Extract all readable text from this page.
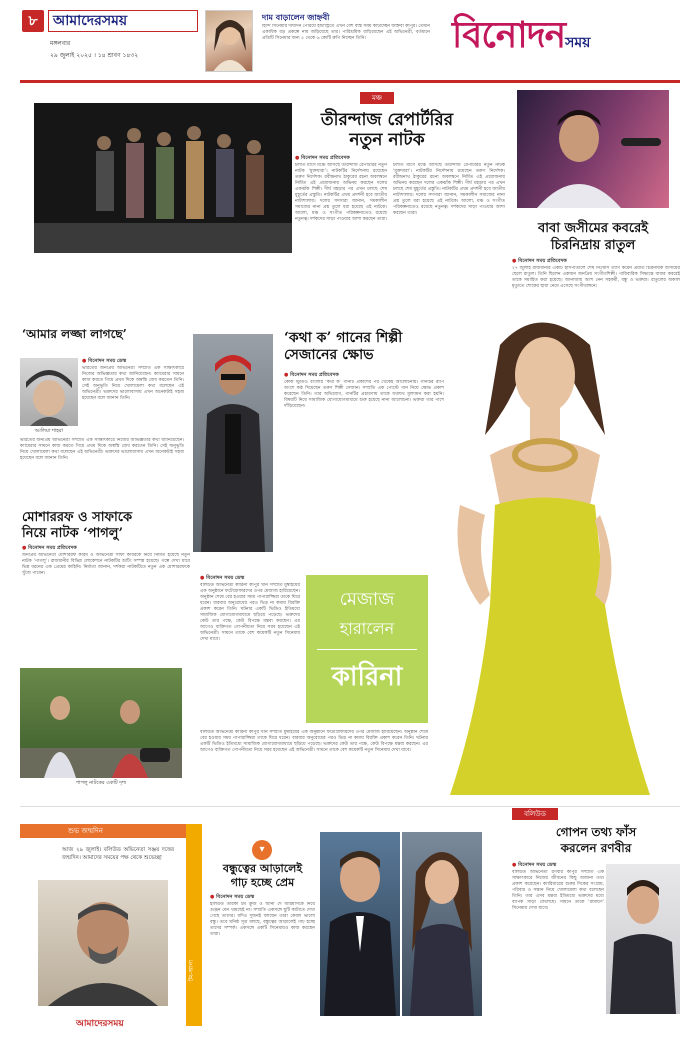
৮	আমাদেরসময়
মঙ্গলবার
২৯ জুলাই ২০২৫ । ১৪ শ্রাবণ ১৪৩২
দাম বাড়ালেন জাহ্নবী
হিন্দি সিনেমার দীর্ঘদিন পেরিয়ে ইন্ডাস্ট্রিতে এখন বেশ ব্যস্ত সময় কাটাচ্ছেন জাহ্নবী কাপুর। তেমনি একাধিক বড় প্রকল্পে নাম জড়িয়েছে তার। পারিশ্রমিক বাড়িয়েছেন এই অভিনেত্রী, বর্তমানে প্রতিটি সিনেমার জন্য ৫ থেকে ৬ কোটি রুপি নিচ্ছেন তিনি।	বিনোদনসময়
মঞ্চ
তীরন্দাজ রেপার্টরির
নতুন নাটক
● বিনোদন সময় প্রতিবেদক
চলতি মাসে মঞ্চে আসছে তীরন্দাজ রেপার্টরির নতুন নাটক ‘মুক্তধারা’। নাটকটির নির্দেশনায় রয়েছেন তরুণ নির্দেশক। রবীন্দ্রনাথ ঠাকুরের রচনা অবলম্বনে নির্মিত এই প্রযোজনায় অভিনয় করছেন দলের একঝাঁক শিল্পী। দীর্ঘ মহড়ার পর এখন চলছে শেষ মুহূর্তের প্রস্তুতি। নাটকটির প্রথম প্রদর্শনী হবে জাতীয় নাট্যশালায়। দলের সদস্যরা জানান, সমকালীন সমাজের নানা প্রশ্ন তুলে ধরা হয়েছে এই নাটকে। আলো, মঞ্চ ও সংগীত পরিকল্পনাতেও রয়েছে নতুনত্ব। দর্শকদের সাড়া পাওয়ার আশা করছেন তারা।
চলতি মাসে মঞ্চে আসছে তীরন্দাজ রেপার্টরির নতুন নাটক ‘মুক্তধারা’। নাটকটির নির্দেশনায় রয়েছেন তরুণ নির্দেশক। রবীন্দ্রনাথ ঠাকুরের রচনা অবলম্বনে নির্মিত এই প্রযোজনায় অভিনয় করছেন দলের একঝাঁক শিল্পী। দীর্ঘ মহড়ার পর এখন চলছে শেষ মুহূর্তের প্রস্তুতি। নাটকটির প্রথম প্রদর্শনী হবে জাতীয় নাট্যশালায়। দলের সদস্যরা জানান, সমকালীন সমাজের নানা প্রশ্ন তুলে ধরা হয়েছে এই নাটকে। আলো, মঞ্চ ও সংগীত পরিকল্পনাতেও রয়েছে নতুনত্ব। দর্শকদের সাড়া পাওয়ার আশা করছেন তারা।
বাবা জসীমের কবরেই
চিরনিদ্রায় রাতুল
● বিনোদন সময় প্রতিবেদক
২৭ জুলাই রাজধানীর একটি হাসপাতালে শেষ নিঃশ্বাস ত্যাগ করেন প্রয়াত চিত্রনায়ক জসীমের ছেলে রাতুল। তিনি ছিলেন একজন জনপ্রিয় সংগীতশিল্পী। পারিবারিক সিদ্ধান্তে বাবার কবরেই তাকে সমাহিত করা হয়েছে। জানাজায় অংশ নেন সহকর্মী, বন্ধু ও ভক্তরা। রাতুলের অকাল মৃত্যুতে শোকের ছায়া নেমে এসেছে সংগীতাঙ্গনে।
‘আমার লজ্জা লাগছে’
আলিয়া শাহরা
● বিনোদন সময় ডেস্ক
ভারতের জনপ্রিয় অভিনেত্রী সম্প্রতি এক সাক্ষাৎকারে নিজের অভিজ্ঞতার কথা জানিয়েছেন। ক্যামেরার সামনে কাজ করতে গিয়ে প্রথম দিকে অস্বস্তি বোধ করতেন তিনি। সেই অনুভূতি নিয়ে খোলামেলা কথা বলেছেন এই অভিনেত্রী। ভক্তদের ভালোবাসায় এখন অনেকটাই সহজ হয়েছেন বলে জানান তিনি।
ভারতের জনপ্রিয় অভিনেত্রী সম্প্রতি এক সাক্ষাৎকারে নিজের অভিজ্ঞতার কথা জানিয়েছেন। ক্যামেরার সামনে কাজ করতে গিয়ে প্রথম দিকে অস্বস্তি বোধ করতেন তিনি। সেই অনুভূতি নিয়ে খোলামেলা কথা বলেছেন এই অভিনেত্রী। ভক্তদের ভালোবাসায় এখন অনেকটাই সহজ হয়েছেন বলে জানান তিনি।
‘কথা ক’ গানের শিল্পী
সেজানের ক্ষোভ
● বিনোদন সময় প্রতিবেদক
কোক স্টুডিও বাংলার ‘কথা ক’ গানটি প্রকাশের পর থেকেই আলোচনায়। গানটির র‍্যাপ অংশে কণ্ঠ দিয়েছেন তরুণ শিল্পী সেজান। সম্প্রতি এক পোস্টে গান নিয়ে ক্ষোভ প্রকাশ করেছেন তিনি। তার অভিযোগ, গানটির প্রচারণায় তাকে যথাযথ মূল্যায়ন করা হয়নি। বিষয়টি নিয়ে সামাজিক যোগাযোগমাধ্যমে শুরু হয়েছে নানা আলোচনা। ভক্তরা তার পাশে দাঁড়িয়েছেন।
মোশাররফ ও সাফাকে
নিয়ে নাটক ‘পাগলু’
● বিনোদন সময় প্রতিবেদক
জনপ্রিয় অভিনেতা মোশাররফ করিম ও অভিনেত্রী সাফা কবিরকে নিয়ে নির্মিত হয়েছে নতুন নাটক ‘পাগলু’। রাজধানীর বিভিন্ন লোকেশনে নাটকটির শুটিং সম্পন্ন হয়েছে। গল্পে দেখা যাবে ভিন্ন ধরনের এক প্রেমের কাহিনি। নির্মাতা জানান, দর্শকরা নাটকটিতে নতুন এক মোশাররফকে খুঁজে পাবেন।
পাগলু নাটকের একটি দৃশ্য
● বিনোদন সময় ডেস্ক
বলিউড অভিনেত্রী কারিনা কাপুর খান সম্প্রতি মুম্বাইয়ের এক অনুষ্ঠানে ফটোগ্রাফারদের ওপর মেজাজ হারিয়েছেন। অনুষ্ঠান শেষে বের হওয়ার সময় পাপারাজ্জিরা তাকে ঘিরে ধরেন। বারবার অনুরোধের পরও ভিড় না কমায় বিরক্তি প্রকাশ করেন তিনি। ঘটনার একটি ভিডিও ইতিমধ্যে সামাজিক যোগাযোগমাধ্যমে ছড়িয়ে পড়েছে। ভক্তদের কেউ তার পক্ষে, কেউ বিপক্ষে মন্তব্য করছেন। এর আগেও ব্যক্তিগত গোপনীয়তা নিয়ে সরব হয়েছেন এই অভিনেত্রী। সামনে তাকে বেশ কয়েকটি নতুন সিনেমায় দেখা যাবে।
বলিউড অভিনেত্রী কারিনা কাপুর খান সম্প্রতি মুম্বাইয়ের এক অনুষ্ঠানে ফটোগ্রাফারদের ওপর মেজাজ হারিয়েছেন। অনুষ্ঠান শেষে বের হওয়ার সময় পাপারাজ্জিরা তাকে ঘিরে ধরেন। বারবার অনুরোধের পরও ভিড় না কমায় বিরক্তি প্রকাশ করেন তিনি। ঘটনার একটি ভিডিও ইতিমধ্যে সামাজিক যোগাযোগমাধ্যমে ছড়িয়ে পড়েছে। ভক্তদের কেউ তার পক্ষে, কেউ বিপক্ষে মন্তব্য করছেন। এর আগেও ব্যক্তিগত গোপনীয়তা নিয়ে সরব হয়েছেন এই অভিনেত্রী। সামনে তাকে বেশ কয়েকটি নতুন সিনেমায় দেখা যাবে।
মেজাজ
হারালেন
কারিনা
শুভ জন্মদিন
আজ ২৯ জুলাই। বলিউড অভিনেতা সঞ্জয় দত্তের জন্মদিন। আমাদের সময়ের পক্ষ থেকে শুভেচ্ছা
আমাদেরসময়
টম-আনা
▾
বন্ধুত্বের আড়ালেই
গাঢ় হচ্ছে প্রেম
● বিনোদন সময় ডেস্ক
হলিউড তারকা টম ক্রুজ ও আনা দে আরমাসকে নিয়ে গুঞ্জন যেন থামছেই না। সম্প্রতি একসঙ্গে ছুটি কাটাতে দেখা গেছে তাদের। যদিও দুজনই বলছেন তারা কেবল ভালো বন্ধু। তবে ঘনিষ্ঠ সূত্র বলছে, বন্ধুত্বের আড়ালেই গাঢ় হচ্ছে তাদের সম্পর্ক। একসঙ্গে একটি সিনেমায়ও কাজ করছেন তারা।
বলিউড
গোপন তথ্য ফাঁস
করলেন রণবীর
● বিনোদন সময় ডেস্ক
বলিউড অভিনেতা রণবীর কাপুর সম্প্রতি এক সাক্ষাৎকারে নিজের জীবনের কিছু অজানা তথ্য প্রকাশ করেছেন। ক্যারিয়ারের শুরুর দিকের সংগ্রাম, পরিবার ও সন্তান নিয়ে খোলামেলা কথা বলেছেন তিনি। তার এসব মন্তব্য ইতিমধ্যে ভক্তদের মধ্যে ব্যাপক সাড়া ফেলেছে। সামনে তাকে ‘রামায়ণ’ সিনেমায় দেখা যাবে।
